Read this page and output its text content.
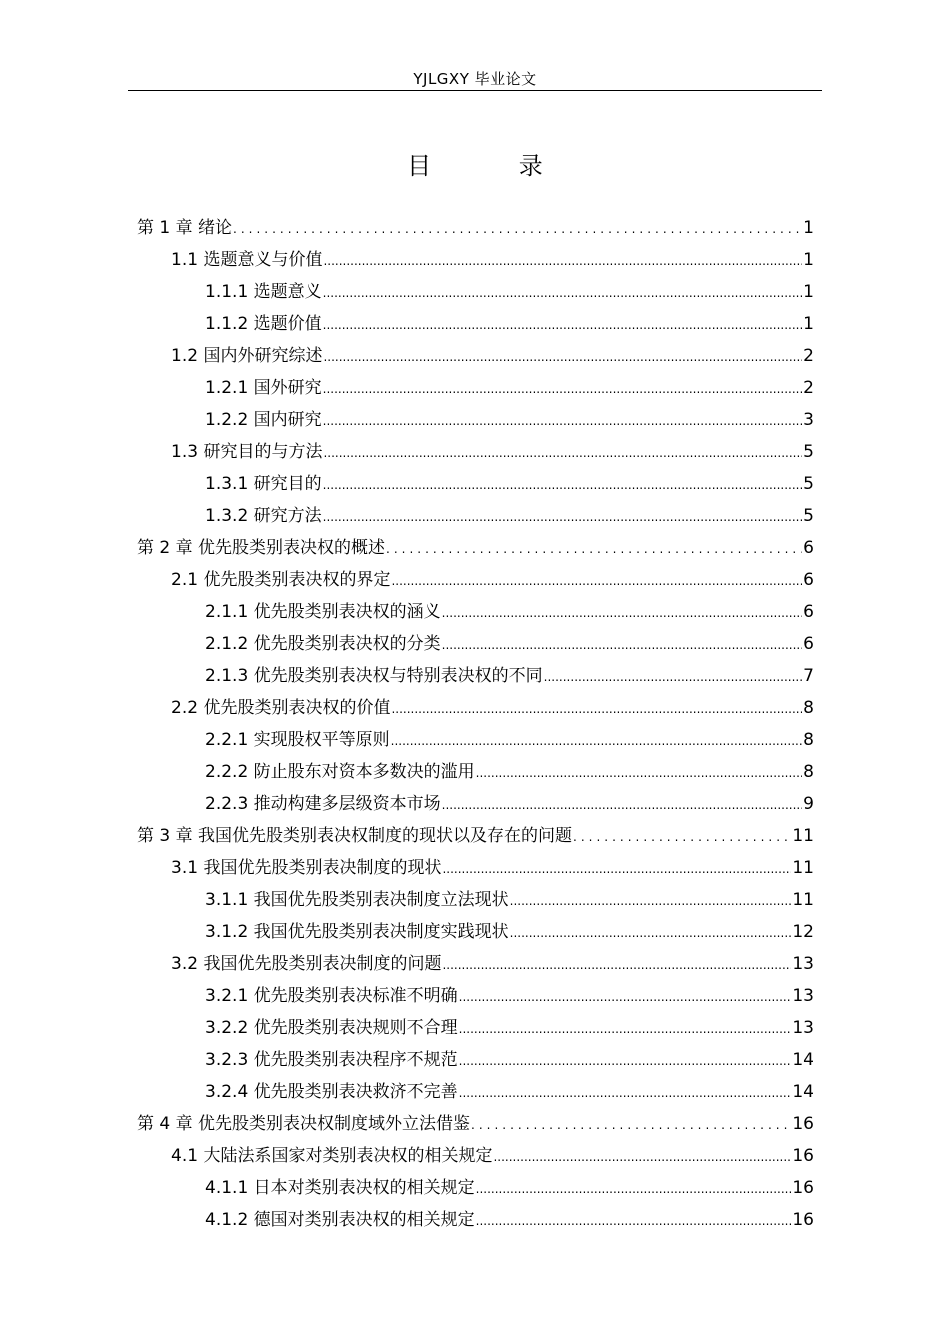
YJLGXY 毕业论文
目 录
第 1 章 绪论 .....	1
1.1 选题意义与价值 .....	1
1.1.1 选题意义 .....	1
1.1.2 选题价值 .....	1
1.2 国内外研究综述 .....	2
1.2.1 国外研究 .....	2
1.2.2 国内研究 .....	3
1.3 研究目的与方法 .....	5
1.3.1 研究目的 .....	5
1.3.2 研究方法 .....	5
第 2 章 优先股类别表决权的概述 .....	6
2.1 优先股类别表决权的界定 .....	6
2.1.1 优先股类别表决权的涵义 .....	6
2.1.2 优先股类别表决权的分类 .....	6
2.1.3 优先股类别表决权与特别表决权的不同 .....	7
2.2 优先股类别表决权的价值 .....	8
2.2.1 实现股权平等原则 .....	8
2.2.2 防止股东对资本多数决的滥用 .....	8
2.2.3 推动构建多层级资本市场 .....	9
第 3 章 我国优先股类别表决权制度的现状以及存在的问题 .....	11
3.1 我国优先股类别表决制度的现状 .....	11
3.1.1 我国优先股类别表决制度立法现状 .....	11
3.1.2 我国优先股类别表决制度实践现状 .....	12
3.2 我国优先股类别表决制度的问题 .....	13
3.2.1 优先股类别表决标准不明确 .....	13
3.2.2 优先股类别表决规则不合理 .....	13
3.2.3 优先股类别表决程序不规范 .....	14
3.2.4 优先股类别表决救济不完善 .....	14
第 4 章 优先股类别表决权制度域外立法借鉴 .....	16
4.1 大陆法系国家对类别表决权的相关规定 .....	16
4.1.1 日本对类别表决权的相关规定 .....	16
4.1.2 德国对类别表决权的相关规定 .....	16
